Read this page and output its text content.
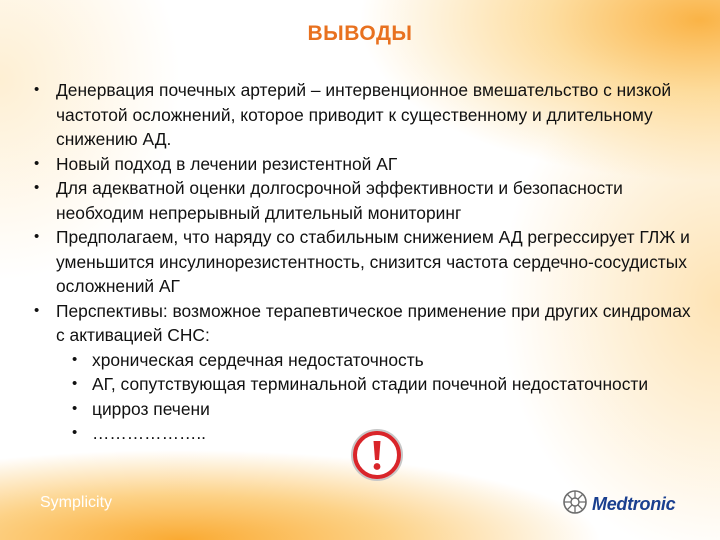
ВЫВОДЫ
• Денервация почечных артерий – интервенционное вмешательство с низкой частотой осложнений, которое приводит к существенному и длительному снижению АД.
• Новый подход в лечении резистентной АГ
• Для адекватной оценки долгосрочной эффективности и безопасности необходим непрерывный длительный мониторинг
• Предполагаем, что наряду со стабильным снижением АД регрессирует ГЛЖ и уменьшится инсулинорезистентность, снизится частота сердечно-сосудистых осложнений АГ
• Перспективы: возможное терапевтическое применение при других синдромах с активацией СНС:
• хроническая сердечная недостаточность
• АГ, сопутствующая терминальной стадии почечной недостаточности
• цирроз печени
• ………………..
Symplicity	Medtronic
